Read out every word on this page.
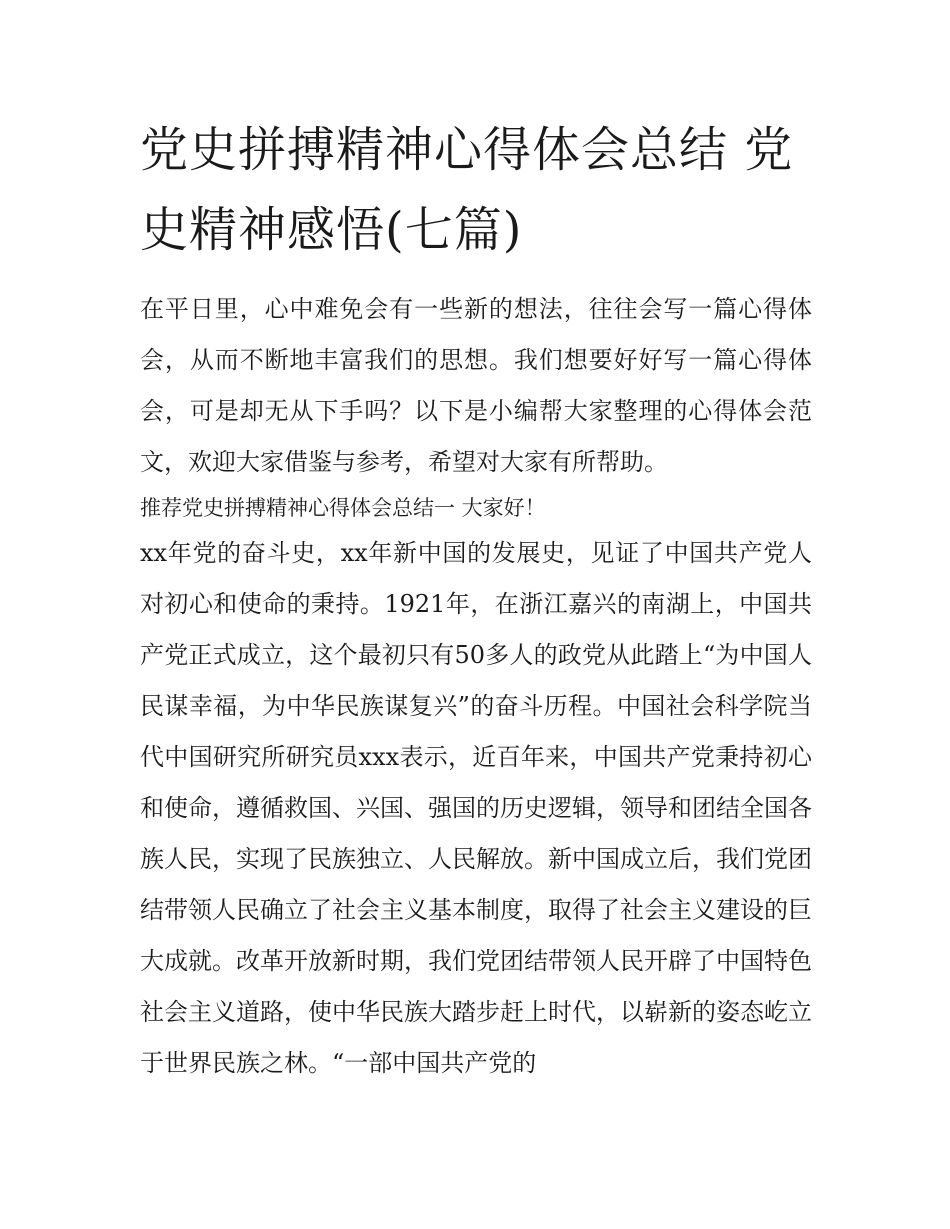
党史拼搏精神心得体会总结 党史精神感悟(七篇)

在平日里，心中难免会有一些新的想法，往往会写一篇心得体会，从而不断地丰富我们的思想。我们想要好好写一篇心得体会，可是却无从下手吗？以下是小编帮大家整理的心得体会范文，欢迎大家借鉴与参考，希望对大家有所帮助。

推荐党史拼搏精神心得体会总结一 大家好！

xx年党的奋斗史，xx年新中国的发展史，见证了中国共产党人对初心和使命的秉持。1921年，在浙江嘉兴的南湖上，中国共产党正式成立，这个最初只有50多人的政党从此踏上“为中国人民谋幸福，为中华民族谋复兴”的奋斗历程。中国社会科学院当代中国研究所研究员xxx表示，近百年来，中国共产党秉持初心和使命，遵循救国、兴国、强国的历史逻辑，领导和团结全国各族人民，实现了民族独立、人民解放。新中国成立后，我们党团结带领人民确立了社会主义基本制度，取得了社会主义建设的巨大成就。改革开放新时期，我们党团结带领人民开辟了中国特色社会主义道路，使中华民族大踏步赶上时代，以崭新的姿态屹立于世界民族之林。“一部中国共产党的
